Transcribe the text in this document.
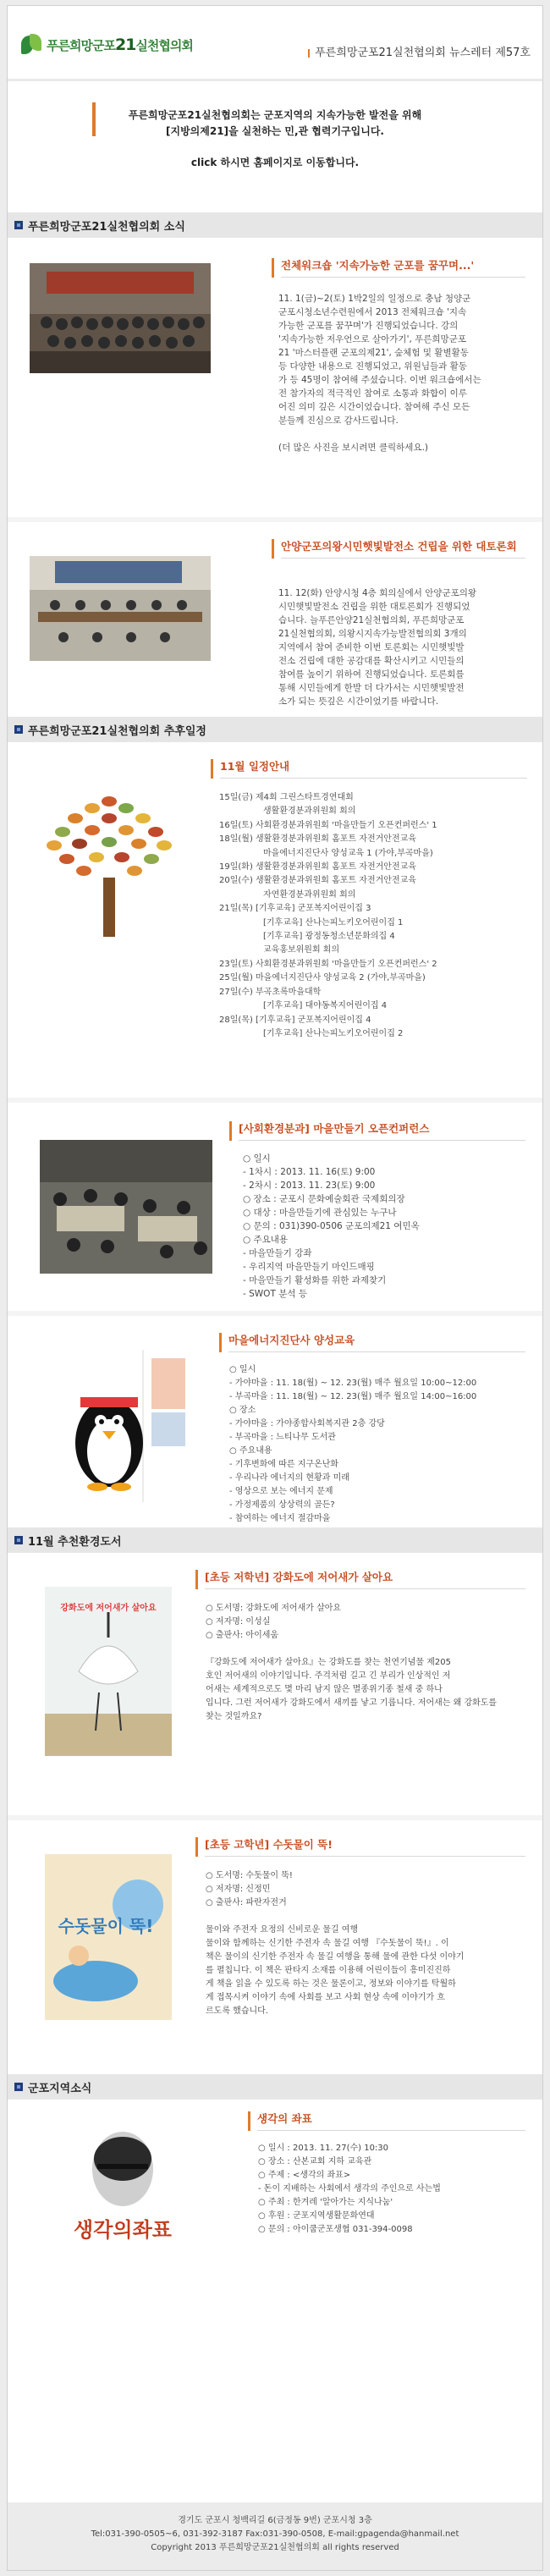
푸른희망군포21실천협의회	푸른희망군포21실천협의회 뉴스레터 제57호

푸른희망군포21실천협의회는 군포지역의 지속가능한 발전을 위해
[지방의제21]을 실천하는 민,관 협력기구입니다.

click 하시면 홈페이지로 이동합니다.

푸른희망군포21실천협의회 소식
전체워크숍 '지속가능한 군포를 꿈꾸며...'
11. 1(금)~2(토) 1박2일의 일정으로 충남 청양군
군포시청소년수련원에서 2013 전체워크숍 '지속
가능한 군포를 꿈꾸며'가 진행되었습니다. 강의
'지속가능한 저우언으로 살아가기', 푸른희망군포
21 '마스터플랜 군포의제21', 숲체험 및 활별활동
등 다양한 내용으로 진행되었고, 위원님들과 활동
가 등 45명이 참여해 주셨습니다. 이번 워크숍에서는
전 참가자의 적극적인 참여로 소통과 화합이 이루
어진 의미 깊은 시간이었습니다. 참여해 주신 모든
분들께 진심으로 감사드립니다.

(더 많은 사진을 보시려면 클릭하세요.)
안양군포의왕시민햇빛발전소 건립을 위한 대토론회
11. 12(화) 안양시청 4층 회의실에서 안양군포의왕
시민햇빛발전소 건립을 위한 대토론회가 진행되었
습니다. 늘푸른안양21실천협의회, 푸른희망군포
21실천협의회, 의왕시지속가능발전협의회 3개의
지역에서 참여 준비한 이번 토론회는 시민햇빛발
전소 건립에 대한 공감대를 확산시키고 시민들의
참여를 높이기 위하여 진행되었습니다. 토론회를
통해 시민들에게 한발 더 다가서는 시민햇빛발전
소가 되는 뜻깊은 시간이었기를 바랍니다.
푸른희망군포21실천협의회 추후일정
11월 일정안내
15일(금) 제4회 그린스타트경연대회
생활환경분과위원회 회의
16일(토) 사회환경분과위원회 '마을만들기 오픈컨퍼런스' 1
18일(월) 생활환경분과위원회 홈포트 자전거안전교육
마을에너지진단사 양성교육 1 (가야,부곡마을)
19일(화) 생활환경분과위원회 홈포트 자전거안전교육
20일(수) 생활환경분과위원회 홈포트 자전거안전교육
자연환경분과위원회 회의
21일(목) [기후교육] 군포복지어린이집 3
[기후교육] 산나는피노키오어린이집 1
[기후교육] 광정동청소년문화의집 4
교육홍보위원회 회의
23일(토) 사회환경분과위원회 '마을만들기 오픈컨퍼런스' 2
25일(월) 마을에너지진단사 양성교육 2 (가야,부곡마을)
27일(수) 부곡초록마을대학
[기후교육] 대야동복지어린이집 4
28일(목) [기후교육] 군포복지어린이집 4
[기후교육] 산나는피노키오어린이집 2
[사회환경분과] 마을만들기 오픈컨퍼런스
○ 일시
- 1차시 : 2013. 11. 16(토) 9:00
- 2차시 : 2013. 11. 23(토) 9:00
○ 장소 : 군포시 문화예술회관 국제회의장
○ 대상 : 마을만들기에 관심있는 누구나
○ 문의 : 031)390-0506 군포의제21 여민옥
○ 주요내용
- 마을만들기 강좌
- 우리지역 마을만들기 마인드매핑
- 마을만들기 활성화를 위한 과제찾기
- SWOT 분석 등
마을에너지진단사 양성교육
○ 일시
- 가야마을 : 11. 18(월) ~ 12. 23(월) 매주 월요일 10:00~12:00
- 부곡마을 : 11. 18(월) ~ 12. 23(월) 매주 월요일 14:00~16:00
○ 장소
- 가야마을 : 가야종합사회복지관 2층 강당
- 부곡마을 : 느티나무 도서관
○ 주요내용
- 기후변화에 따른 지구온난화
- 우리나라 에너지의 현황과 미래
- 영상으로 보는 에너지 문제
- 가정제품의 상상력의 골든?
- 참여하는 에너지 절감마을
11월 추천환경도서
강화도에 저어새가 살아요
[초등 저학년] 강화도에 저어새가 살아요
○ 도서명: 강화도에 저어새가 살아요
○ 저자명: 이성실
○ 출판사: 아이세움

『강화도에 저어새가 살아요』는 강화도를 찾는 천연기념물 제205
호인 저어새의 이야기입니다. 주걱처럼 길고 긴 부리가 인상적인 저
어새는 세계적으로도 몇 마리 남지 않은 멸종위기종 철새 중 하나
입니다. 그런 저어새가 강화도에서 새끼를 낳고 기릅니다. 저어새는 왜 강화도를 찾는 것일까요?
수돗물이 뚝!
[초등 고학년] 수돗물이 뚝!
○ 도서명: 수돗물이 뚝!
○ 저자명: 신정민
○ 출판사: 파란자전거

물이와 주전자 요정의 신비로운 물길 여행
물이와 함께하는 신기한 주전자 속 물길 여행 『수돗물이 뚝!』. 이
책은 물이의 신기한 주전자 속 물길 여행을 통해 물에 관한 다섯 이야기
를 펼칩니다. 이 책은 판타지 소재를 이용해 어린이들이 흥미진진하
게 책을 읽을 수 있도록 하는 것은 물론이고, 정보와 이야기를 탁월하
게 접목시켜 이야기 속에 사회를 보고 사회 현상 속에 이야기가 흐
르도록 했습니다.
군포지역소식
생각의좌표
생각의 좌표
○ 일시 : 2013. 11. 27(수) 10:30
○ 장소 : 산본교회 지하 교육관
○ 주제 : <생각의 좌표>
- 돈이 지배하는 사회에서 생각의 주인으로 사는법
○ 주최 : 한겨레 '알아가는 지식나눔'
○ 후원 : 군포지역생활문화연대
○ 문의 : 아이쿱군포생협 031-394-0098
경기도 군포시 청백리길 6(금정동 9번) 군포시청 3층
Tel:031-390-0505~6, 031-392-3187 Fax:031-390-0508, E-mail:gpagenda@hanmail.net
Copyright 2013 푸른희망군포21실천협의회 all rights reserved
